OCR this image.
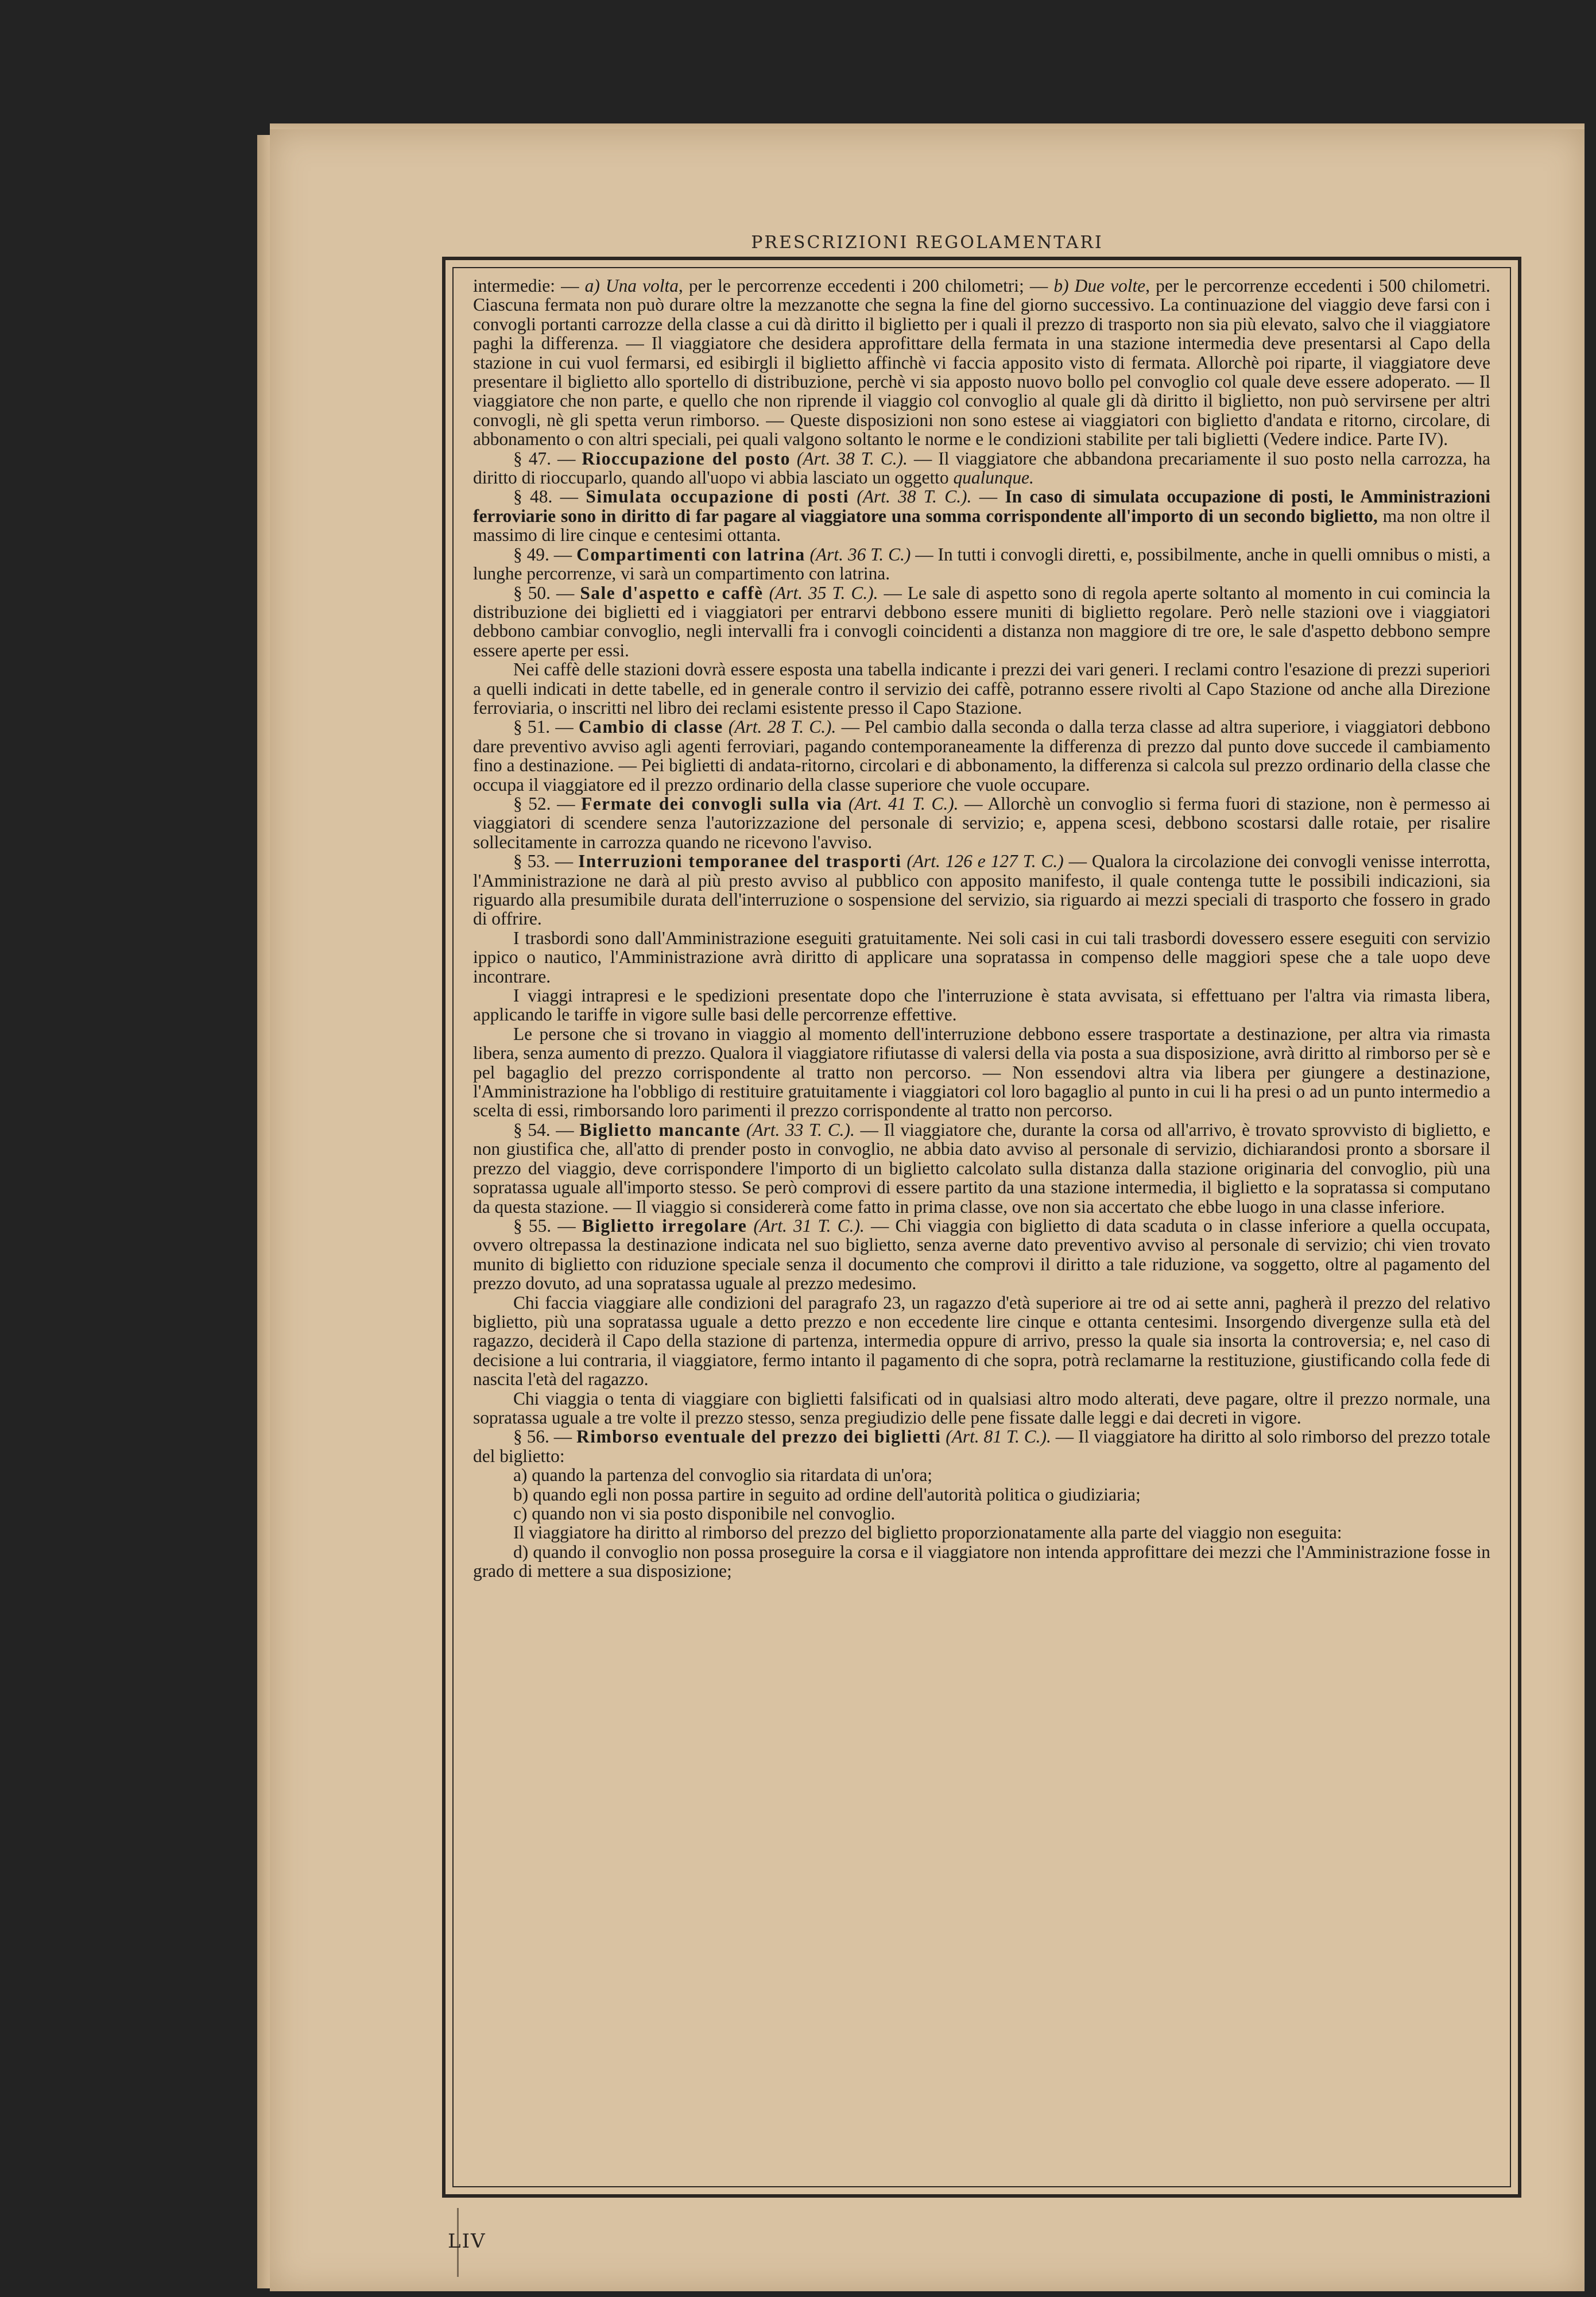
PRESCRIZIONI REGOLAMENTARI

intermedie: — a) Una volta, per le percorrenze eccedenti i 200 chilometri; — b) Due volte, per le percorrenze eccedenti i 500 chilometri. Ciascuna fermata non può durare oltre la mezzanotte che segna la fine del giorno successivo. La continuazione del viaggio deve farsi con i convogli portanti carrozze della classe a cui dà diritto il biglietto per i quali il prezzo di trasporto non sia più elevato, salvo che il viaggiatore paghi la differenza. — Il viaggiatore che desidera approfittare della fermata in una stazione intermedia deve presentarsi al Capo della stazione in cui vuol fermarsi, ed esibirgli il biglietto affinchè vi faccia apposito visto di fermata. Allorchè poi riparte, il viaggiatore deve presentare il biglietto allo sportello di distribuzione, perchè vi sia apposto nuovo bollo pel convoglio col quale deve essere adoperato. — Il viaggiatore che non parte, e quello che non riprende il viaggio col convoglio al quale gli dà diritto il biglietto, non può servirsene per altri convogli, nè gli spetta verun rimborso. — Queste disposizioni non sono estese ai viaggiatori con biglietto d'andata e ritorno, circolare, di abbonamento o con altri speciali, pei quali valgono soltanto le norme e le condizioni stabilite per tali biglietti (Vedere indice. Parte IV).

§ 47. — Rioccupazione del posto (Art. 38 T. C.). — Il viaggiatore che abbandona precariamente il suo posto nella carrozza, ha diritto di rioccuparlo, quando all'uopo vi abbia lasciato un oggetto qualunque.

§ 48. — Simulata occupazione di posti (Art. 38 T. C.). — In caso di simulata occupazione di posti, le Amministrazioni ferroviarie sono in diritto di far pagare al viaggiatore una somma corrispondente all'importo di un secondo biglietto, ma non oltre il massimo di lire cinque e centesimi ottanta.

§ 49. — Compartimenti con latrina (Art. 36 T. C.) — In tutti i convogli diretti, e, possibilmente, anche in quelli omnibus o misti, a lunghe percorrenze, vi sarà un compartimento con latrina.

§ 50. — Sale d'aspetto e caffè (Art. 35 T. C.). — Le sale di aspetto sono di regola aperte soltanto al momento in cui comincia la distribuzione dei biglietti ed i viaggiatori per entrarvi debbono essere muniti di biglietto regolare. Però nelle stazioni ove i viaggiatori debbono cambiar convoglio, negli intervalli fra i convogli coincidenti a distanza non maggiore di tre ore, le sale d'aspetto debbono sempre essere aperte per essi.

Nei caffè delle stazioni dovrà essere esposta una tabella indicante i prezzi dei vari generi. I reclami contro l'esazione di prezzi superiori a quelli indicati in dette tabelle, ed in generale contro il servizio dei caffè, potranno essere rivolti al Capo Stazione od anche alla Direzione ferroviaria, o inscritti nel libro dei reclami esistente presso il Capo Stazione.

§ 51. — Cambio di classe (Art. 28 T. C.). — Pel cambio dalla seconda o dalla terza classe ad altra superiore, i viaggiatori debbono dare preventivo avviso agli agenti ferroviari, pagando contemporaneamente la differenza di prezzo dal punto dove succede il cambiamento fino a destinazione. — Pei biglietti di andata-ritorno, circolari e di abbonamento, la differenza si calcola sul prezzo ordinario della classe che occupa il viaggiatore ed il prezzo ordinario della classe superiore che vuole occupare.

§ 52. — Fermate dei convogli sulla via (Art. 41 T. C.). — Allorchè un convoglio si ferma fuori di stazione, non è permesso ai viaggiatori di scendere senza l'autorizzazione del personale di servizio; e, appena scesi, debbono scostarsi dalle rotaie, per risalire sollecitamente in carrozza quando ne ricevono l'avviso.

§ 53. — Interruzioni temporanee del trasporti (Art. 126 e 127 T. C.) — Qualora la circolazione dei convogli venisse interrotta, l'Amministrazione ne darà al più presto avviso al pubblico con apposito manifesto, il quale contenga tutte le possibili indicazioni, sia riguardo alla presumibile durata dell'interruzione o sospensione del servizio, sia riguardo ai mezzi speciali di trasporto che fossero in grado di offrire.

I trasbordi sono dall'Amministrazione eseguiti gratuitamente. Nei soli casi in cui tali trasbordi dovessero essere eseguiti con servizio ippico o nautico, l'Amministrazione avrà diritto di applicare una sopratassa in compenso delle maggiori spese che a tale uopo deve incontrare.

I viaggi intrapresi e le spedizioni presentate dopo che l'interruzione è stata avvisata, si effettuano per l'altra via rimasta libera, applicando le tariffe in vigore sulle basi delle percorrenze effettive.

Le persone che si trovano in viaggio al momento dell'interruzione debbono essere trasportate a destinazione, per altra via rimasta libera, senza aumento di prezzo. Qualora il viaggiatore rifiutasse di valersi della via posta a sua disposizione, avrà diritto al rimborso per sè e pel bagaglio del prezzo corrispondente al tratto non percorso. — Non essendovi altra via libera per giungere a destinazione, l'Amministrazione ha l'obbligo di restituire gratuitamente i viaggiatori col loro bagaglio al punto in cui li ha presi o ad un punto intermedio a scelta di essi, rimborsando loro parimenti il prezzo corrispondente al tratto non percorso.

§ 54. — Biglietto mancante (Art. 33 T. C.). — Il viaggiatore che, durante la corsa od all'arrivo, è trovato sprovvisto di biglietto, e non giustifica che, all'atto di prender posto in convoglio, ne abbia dato avviso al personale di servizio, dichiarandosi pronto a sborsare il prezzo del viaggio, deve corrispondere l'importo di un biglietto calcolato sulla distanza dalla stazione originaria del convoglio, più una sopratassa uguale all'importo stesso. Se però comprovi di essere partito da una stazione intermedia, il biglietto e la sopratassa si computano da questa stazione. — Il viaggio si considererà come fatto in prima classe, ove non sia accertato che ebbe luogo in una classe inferiore.

§ 55. — Biglietto irregolare (Art. 31 T. C.). — Chi viaggia con biglietto di data scaduta o in classe inferiore a quella occupata, ovvero oltrepassa la destinazione indicata nel suo biglietto, senza averne dato preventivo avviso al personale di servizio; chi vien trovato munito di biglietto con riduzione speciale senza il documento che comprovi il diritto a tale riduzione, va soggetto, oltre al pagamento del prezzo dovuto, ad una sopratassa uguale al prezzo medesimo.

Chi faccia viaggiare alle condizioni del paragrafo 23, un ragazzo d'età superiore ai tre od ai sette anni, pagherà il prezzo del relativo biglietto, più una sopratassa uguale a detto prezzo e non eccedente lire cinque e ottanta centesimi. Insorgendo divergenze sulla età del ragazzo, deciderà il Capo della stazione di partenza, intermedia oppure di arrivo, presso la quale sia insorta la controversia; e, nel caso di decisione a lui contraria, il viaggiatore, fermo intanto il pagamento di che sopra, potrà reclamarne la restituzione, giustificando colla fede di nascita l'età del ragazzo.

Chi viaggia o tenta di viaggiare con biglietti falsificati od in qualsiasi altro modo alterati, deve pagare, oltre il prezzo normale, una sopratassa uguale a tre volte il prezzo stesso, senza pregiudizio delle pene fissate dalle leggi e dai decreti in vigore.

§ 56. — Rimborso eventuale del prezzo dei biglietti (Art. 81 T. C.). — Il viaggiatore ha diritto al solo rimborso del prezzo totale del biglietto:

a) quando la partenza del convoglio sia ritardata di un'ora;

b) quando egli non possa partire in seguito ad ordine dell'autorità politica o giudiziaria;

c) quando non vi sia posto disponibile nel convoglio.

Il viaggiatore ha diritto al rimborso del prezzo del biglietto proporzionatamente alla parte del viaggio non eseguita:

d) quando il convoglio non possa proseguire la corsa e il viaggiatore non intenda approfittare dei mezzi che l'Amministrazione fosse in grado di mettere a sua disposizione;

LIV
